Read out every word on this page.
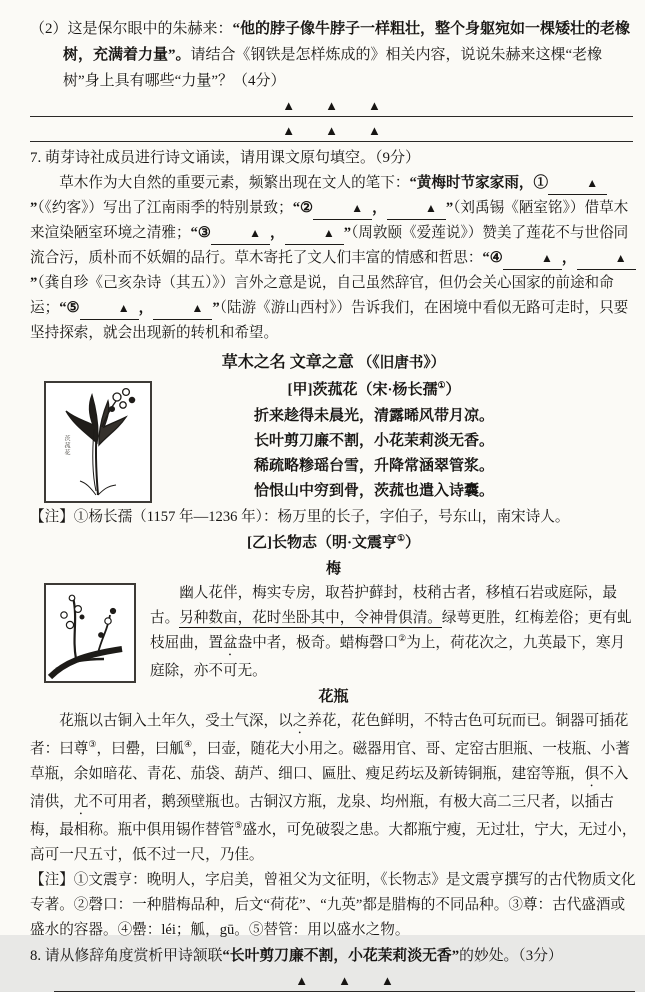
（2）这是保尔眼中的朱赫来：“他的脖子像牛脖子一样粗壮，整个身躯宛如一棵矮壮的老橡树，充满着力量”。请结合《钢铁是怎样炼成的》相关内容，说说朱赫来这棵“老橡树”身上具有哪些“力量”？（4分）

▲ ▲ ▲
▲ ▲ ▲

7. 萌芽诗社成员进行诗文诵读，请用课文原句填空。（9分）

草木作为大自然的重要元素，频繁出现在文人的笔下：“黄梅时节家家雨，①	▲”（《约客》）写出了江南雨季的特别景致；“②	▲ ，	▲ ”（刘禹锡《陋室铭》）借草木来渲染陋室环境之清雅；“③	▲ ，	▲ ”（周敦颐《爱莲说》）赞美了莲花不与世俗同流合污，质朴而不妖媚的品行。草木寄托了文人们丰富的情感和哲思：“④	▲ ，	▲”（龚自珍《己亥杂诗（其五）》）言外之意是说，自己虽然辞官，但仍会关心国家的前途和命运；“⑤	▲ ，	▲ ”（陆游《游山西村》）告诉我们，在困境中看似无路可走时，只要坚持探索，就会出现新的转机和希望。

草木之名 文章之意 （《旧唐书》）

茨菰花

[甲]茨菰花（宋·杨长孺①）

折来趁得未晨光，清露晞风带月凉。

长叶剪刀廉不割，小花茉莉淡无香。

稀疏略糁瑶台雪，升降常涵翠管浆。

恰恨山中穷到骨，茨菰也遣入诗囊。

【注】①杨长孺（1157 年—1236 年）：杨万里的长子，字伯子，号东山，南宋诗人。

[乙]长物志（明·文震亨①）

梅

幽人花伴，梅实专房，取苔护藓封，枝稍古者，移植石岩或庭际，最古。另种数亩，花时坐卧其中，令神骨俱清。绿萼更胜，红梅差俗；更有虬枝屈曲，置盆盎中者，极奇。蜡梅磬口②为上，荷花次之，九英最下，寒月庭除，亦不可无。

花瓶

花瓶以古铜入土年久，受土气深，以之养花，花色鲜明，不特古色可玩而已。铜器可插花者：曰尊③，曰罍，曰觚④，曰壶，随花大小用之。磁器用官、哥、定窑古胆瓶、一枝瓶、小蓍草瓶，余如暗花、青花、茄袋、葫芦、细口、匾肚、瘦足药坛及新铸铜瓶，建窑等瓶，俱不入清供，尤不可用者，鹅颈壁瓶也。古铜汉方瓶，龙泉、均州瓶，有极大高二三尺者，以插古梅，最相称。瓶中俱用锡作替管⑤盛水，可免破裂之患。大都瓶宁瘦，无过壮，宁大，无过小，高可一尺五寸，低不过一尺，乃佳。

【注】①文震亨：晚明人，字启美，曾祖父为文征明，《长物志》是文震亨撰写的古代物质文化专著。②磬口：一种腊梅品种，后文“荷花”、“九英”都是腊梅的不同品种。③尊：古代盛酒或盛水的容器。④罍：léi；觚，gū。⑤替管：用以盛水之物。

8. 请从修辞角度赏析甲诗颔联“长叶剪刀廉不割，小花茉莉淡无香”的妙处。（3分）

▲ ▲ ▲
